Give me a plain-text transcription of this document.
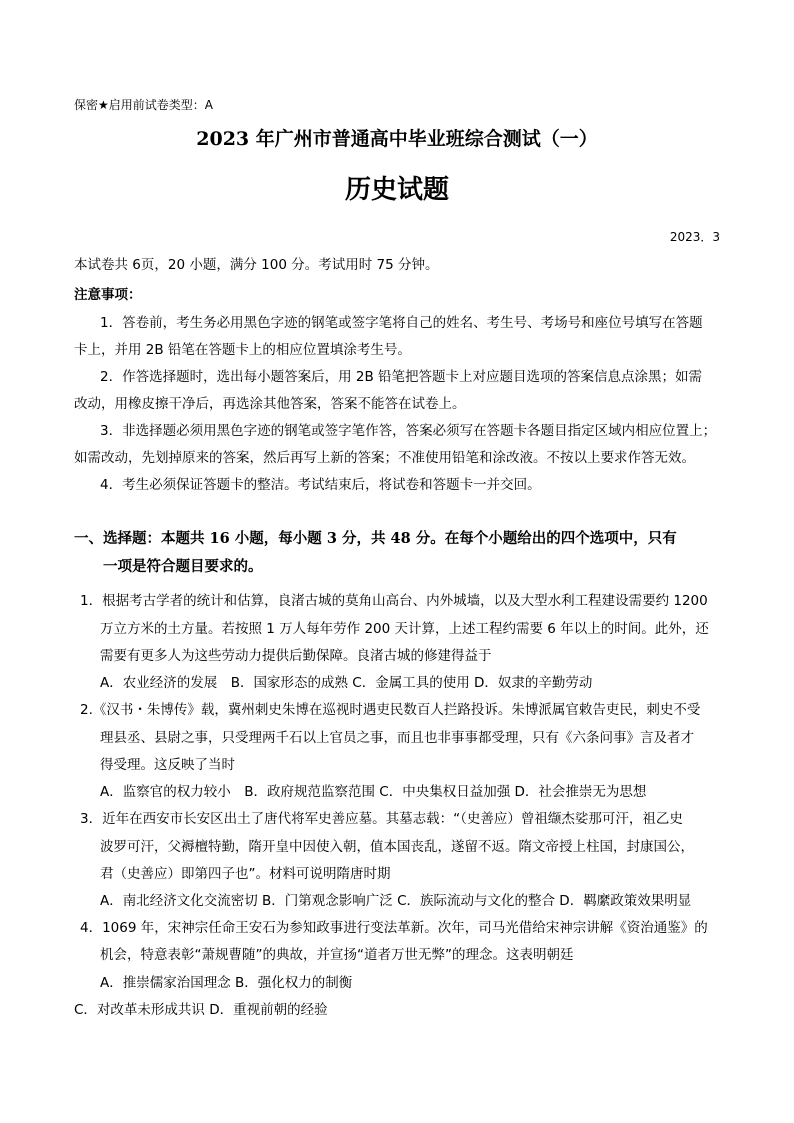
保密★启用前试卷类型：A
2023 年广州市普通高中毕业班综合测试（一）
历史试题
2023．3
本试卷共 6页，20 小题，满分 100 分。考试用时 75 分钟。
注意事项：
1．答卷前，考生务必用黑色字迹的钢笔或签字笔将自己的姓名、考生号、考场号和座位号填写在答题
卡上，并用 2B 铅笔在答题卡上的相应位置填涂考生号。
2．作答选择题时，选出每小题答案后，用 2B 铅笔把答题卡上对应题目选项的答案信息点涂黑；如需
改动，用橡皮擦干净后，再选涂其他答案，答案不能答在试卷上。
3．非选择题必须用黑色字迹的钢笔或签字笔作答，答案必须写在答题卡各题目指定区域内相应位置上；
如需改动，先划掉原来的答案，然后再写上新的答案；不准使用铅笔和涂改液。不按以上要求作答无效。
4．考生必须保证答题卡的整洁。考试结束后，将试卷和答题卡一并交回。
一、选择题：本题共 16 小题，每小题 3 分，共 48 分。在每个小题给出的四个选项中，只有
一项是符合题目要求的。
1．根据考古学者的统计和估算，良渚古城的莫角山高台、内外城墙，以及大型水利工程建设需要约 1200
万立方米的土方量。若按照 1 万人每年劳作 200 天计算，上述工程约需要 6 年以上的时间。此外，还
需要有更多人为这些劳动力提供后勤保障。良渚古城的修建得益于
A．农业经济的发展　B．国家形态的成熟 C．金属工具的使用 D．奴隶的辛勤劳动
2.《汉书・朱博传》载，冀州刺史朱博在巡视时遇吏民数百人拦路投诉。朱博派属官敕告吏民，刺史不受
理县丞、县尉之事，只受理两千石以上官员之事，而且也非事事都受理，只有《六条问事》言及者才
得受理。这反映了当时
A．监察官的权力较小　B．政府规范监察范围 C．中央集权日益加强 D．社会推崇无为思想
3．近年在西安市长安区出土了唐代将军史善应墓。其墓志载：“（史善应）曾祖缬杰娑那可汗，祖乙史
波罗可汗，父褥檀特勤，隋开皇中因使入朝，值本国丧乱，遂留不返。隋文帝授上柱国，封康国公，
君（史善应）即第四子也”。材料可说明隋唐时期
A．南北经济文化交流密切 B．门第观念影响广泛 C．族际流动与文化的整合 D．羁縻政策效果明显
4．1069 年，宋神宗任命王安石为参知政事进行变法革新。次年，司马光借给宋神宗讲解《资治通鉴》的
机会，特意表彰“萧规曹随”的典故，并宣扬“道者万世无弊”的理念。这表明朝廷
A．推崇儒家治国理念 B．强化权力的制衡
C．对改革未形成共识 D．重视前朝的经验
